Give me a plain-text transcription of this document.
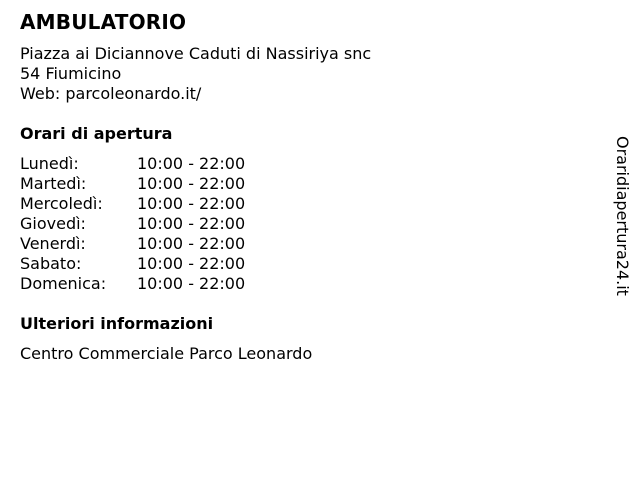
AMBULATORIO
Piazza ai Diciannove Caduti di Nassiriya snc
54 Fiumicino
Web: parcoleonardo.it/
Orari di apertura
Lunedì:	10:00 - 22:00
Martedì:	10:00 - 22:00
Mercoledì:	10:00 - 22:00
Giovedì:	10:00 - 22:00
Venerdì:	10:00 - 22:00
Sabato:	10:00 - 22:00
Domenica:	10:00 - 22:00
Ulteriori informazioni
Centro Commerciale Parco Leonardo
Oraridiapertura24.it
